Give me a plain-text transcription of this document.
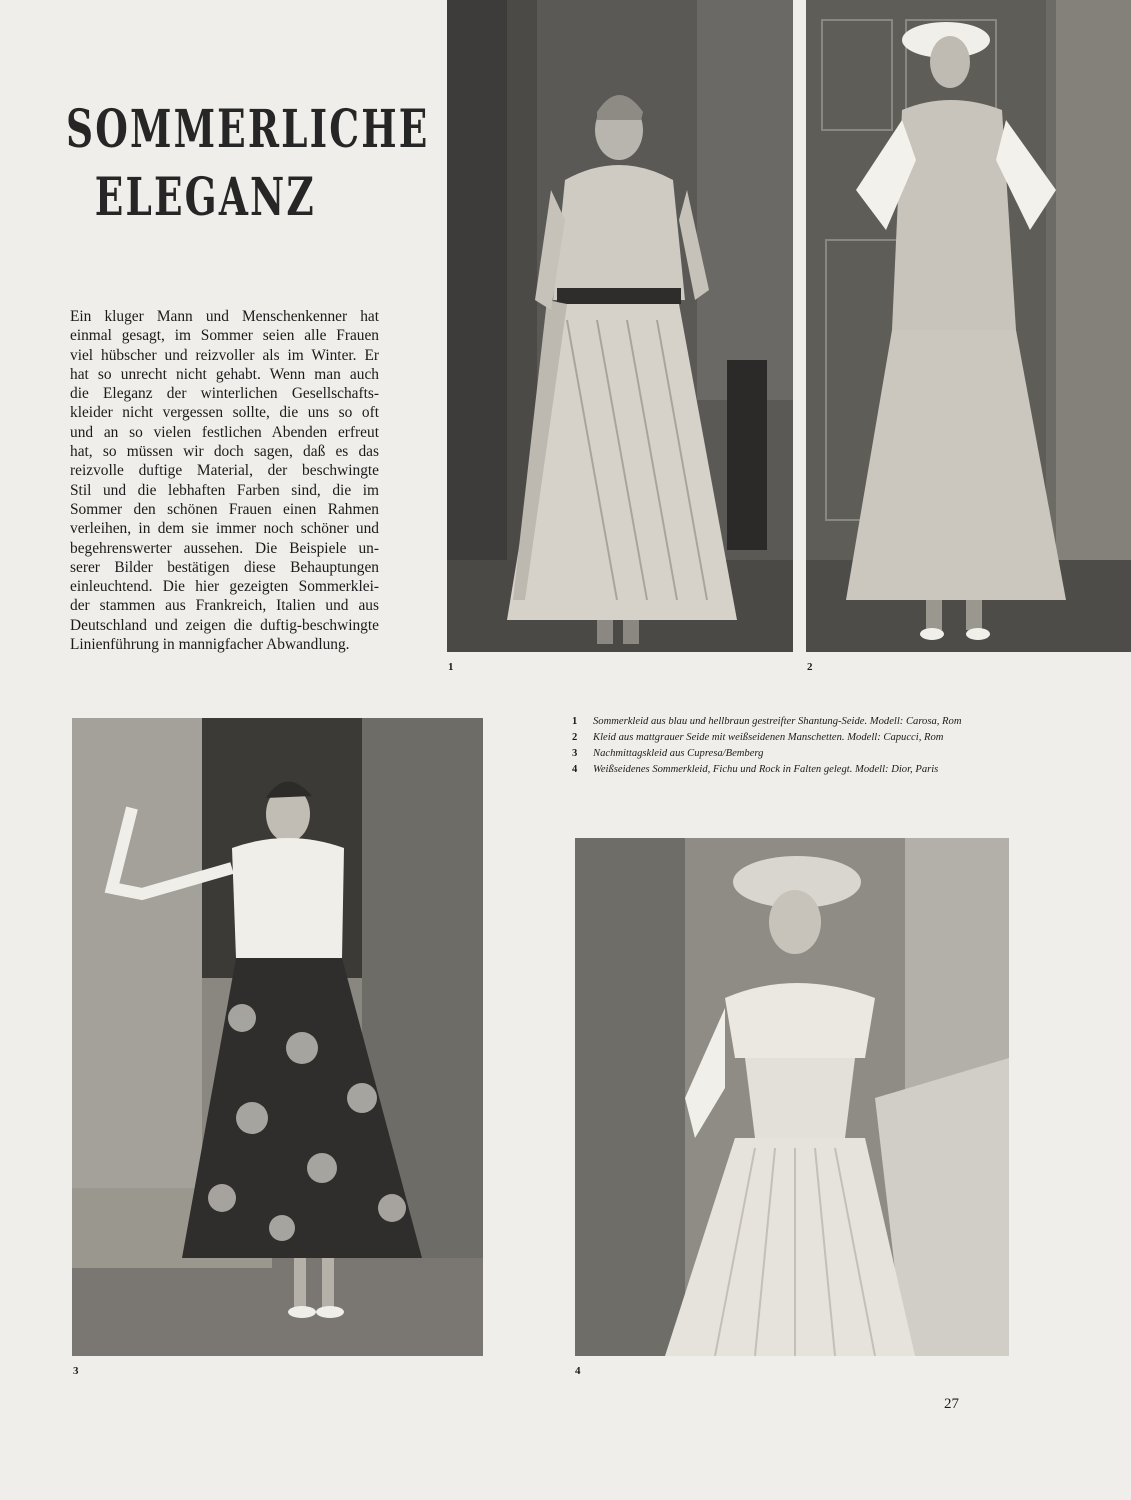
SOMMERLICHE
ELEGANZ
Ein kluger Mann und Menschenkenner hat
einmal gesagt, im Sommer seien alle Frauen
viel hübscher und reizvoller als im Winter. Er
hat so unrecht nicht gehabt. Wenn man auch
die Eleganz der winterlichen Gesellschafts-
kleider nicht vergessen sollte, die uns so oft
und an so vielen festlichen Abenden erfreut
hat, so müssen wir doch sagen, daß es das
reizvolle duftige Material, der beschwingte
Stil und die lebhaften Farben sind, die im
Sommer den schönen Frauen einen Rahmen
verleihen, in dem sie immer noch schöner und
begehrenswerter aussehen. Die Beispiele un-
serer Bilder bestätigen diese Behauptungen
einleuchtend. Die hier gezeigten Sommerklei-
der stammen aus Frankreich, Italien und aus
Deutschland und zeigen die duftig-beschwingte
Linienführung in mannigfacher Abwandlung.
1	2
3	4
1	Sommerkleid aus blau und hellbraun gestreifter Shantung-Seide. Modell: Carosa, Rom
2	Kleid aus mattgrauer Seide mit weißseidenen Manschetten. Modell: Capucci, Rom
3	Nachmittagskleid aus Cupresa/Bemberg
4	Weißseidenes Sommerkleid, Fichu und Rock in Falten gelegt. Modell: Dior, Paris
27
